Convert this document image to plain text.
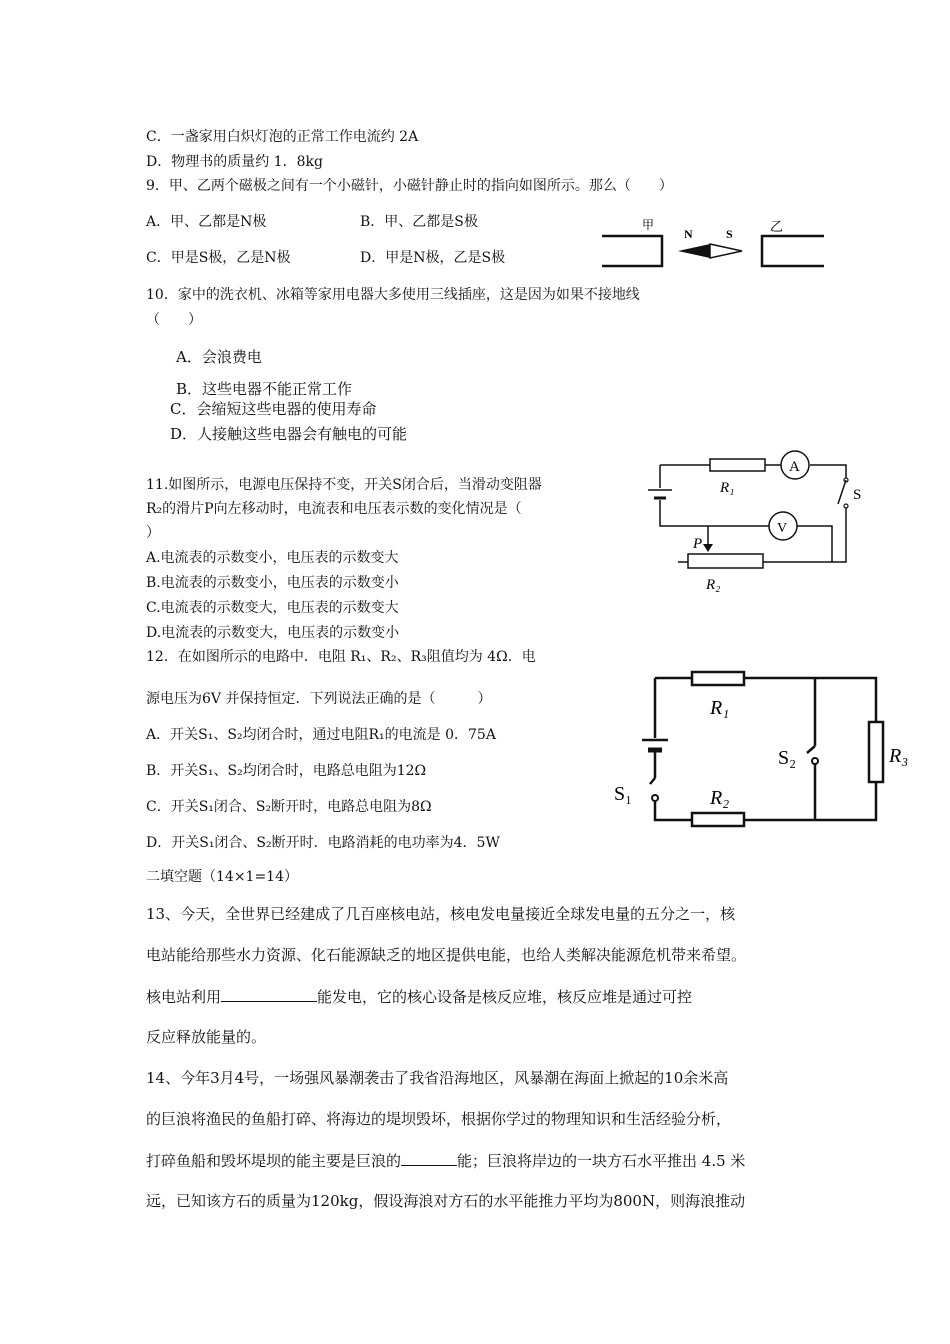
C．一盏家用白炽灯泡的正常工作电流约 2A
D．物理书的质量约 1．8kg
9．甲、乙两个磁极之间有一个小磁针，小磁针静止时的指向如图所示。那么（　　）
A．甲、乙都是N极	B．甲、乙都是S极
C．甲是S极，乙是N极	D．甲是N极，乙是S极
甲	乙
N	S
10．家中的洗衣机、冰箱等家用电器大多使用三线插座，这是因为如果不接地线
（　　）
A．会浪费电
B．这些电器不能正常工作
C．会缩短这些电器的使用寿命
D．人接触这些电器会有触电的可能
11.如图所示，电源电压保持不变，开关S闭合后，当滑动变阻器
R₂的滑片P向左移动时，电流表和电压表示数的变化情况是（
）
A.电流表的示数变小，电压表的示数变大
B.电流表的示数变小，电压表的示数变小
C.电流表的示数变大，电压表的示数变大
D.电流表的示数变大，电压表的示数变小
R₁
A
S
V
P
R₂
12．在如图所示的电路中．电阻 R₁、R₂、R₃阻值均为 4Ω．电
源电压为6V 并保持恒定．下列说法正确的是（　　　）
A．开关S₁、S₂均闭合时，通过电阻R₁的电流是 0．75A
B．开关S₁、S₂均闭合时，电路总电阻为12Ω
C．开关S₁闭合、S₂断开时，电路总电阻为8Ω
D．开关S₁闭合、S₂断开时．电路消耗的电功率为4．5W
S₁
R₁
R₂
S₂	R₃
二填空题（14×1=14）
13、今天，全世界已经建成了几百座核电站，核电发电量接近全球发电量的五分之一，核
电站能给那些水力资源、化石能源缺乏的地区提供电能，也给人类解决能源危机带来希望。
核电站利用	能发电，它的核心设备是核反应堆，核反应堆是通过可控
反应释放能量的。
14、今年3月4号，一场强风暴潮袭击了我省沿海地区，风暴潮在海面上掀起的10余米高
的巨浪将渔民的鱼船打碎、将海边的堤坝毁坏，根据你学过的物理知识和生活经验分析，
打碎鱼船和毁坏堤坝的能主要是巨浪的	能；巨浪将岸边的一块方石水平推出 4.5 米
远，已知该方石的质量为120kg，假设海浪对方石的水平能推力平均为800N，则海浪推动
